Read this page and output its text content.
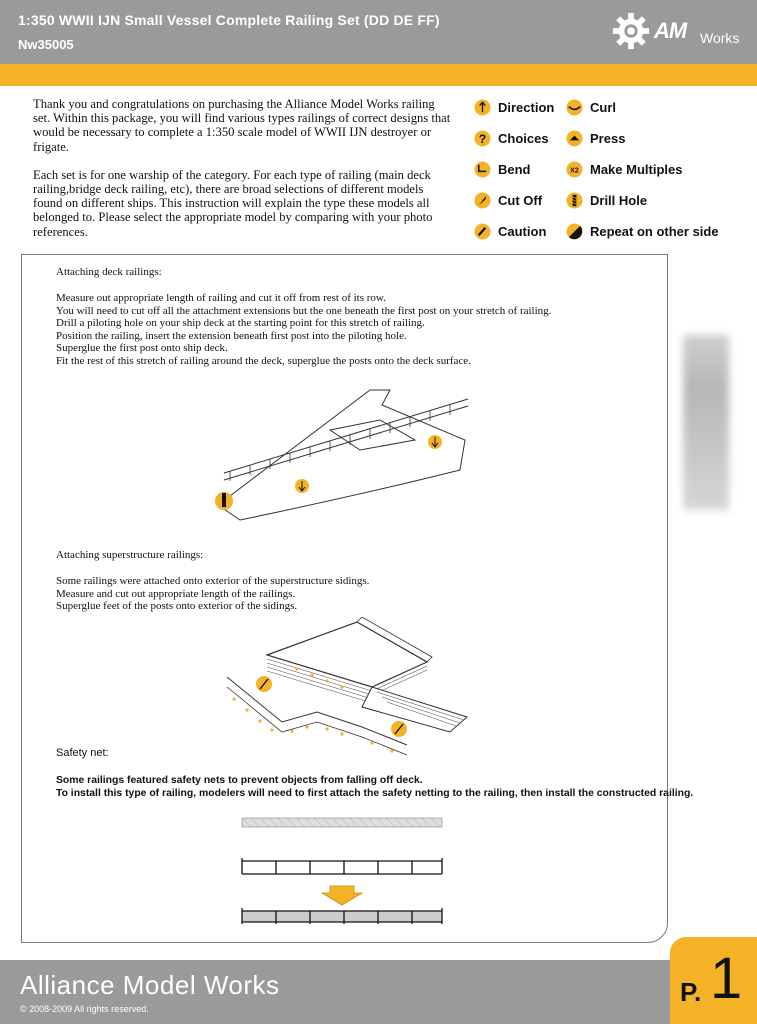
1:350 WWII IJN Small Vessel Complete Railing Set (DD DE FF)
Nw35005
AM Works

Thank you and congratulations on purchasing the Alliance Model Works railing set. Within this package, you will find various types railings of correct designs that would be necessary to complete a 1:350 scale model of WWII IJN destroyer or frigate.

Each set is for one warship of the category. For each type of railing (main deck railing,bridge deck railing, etc), there are broad selections of different models found on different ships. This instruction will explain the type these models all belonged to. Please select the appropriate model by comparing with your photo references.

Direction
? Choices
Bend
Cut Off
Caution
Curl
Press
X2 Make Multiples
Drill Hole
Repeat on other side
Attaching deck railings:
Measure out appropriate length of railing and cut it off from rest of its row.
You will need to cut off all the attachment extensions but the one beneath the first post on your stretch of railing.
Drill a piloting hole on your ship deck at the starting point for this stretch of railing.
Position the railing, insert the extension beneath first post into the piloting hole.
Superglue the first post onto ship deck.
Fit the rest of this stretch of railing around the deck, superglue the posts onto the deck surface.
Attaching superstructure railings:
Some railings were attached onto exterior of the superstructure sidings.
Measure and cut out appropriate length of the railings.
Superglue feet of the posts onto exterior of the sidings.
Safety net:
Some railings featured safety nets to prevent objects from falling off deck.
To install this type of railing, modelers will need to first attach the safety netting to the railing, then install the constructed railing.
Alliance Model Works
© 2008-2009 All rights reserved.
P. 1
